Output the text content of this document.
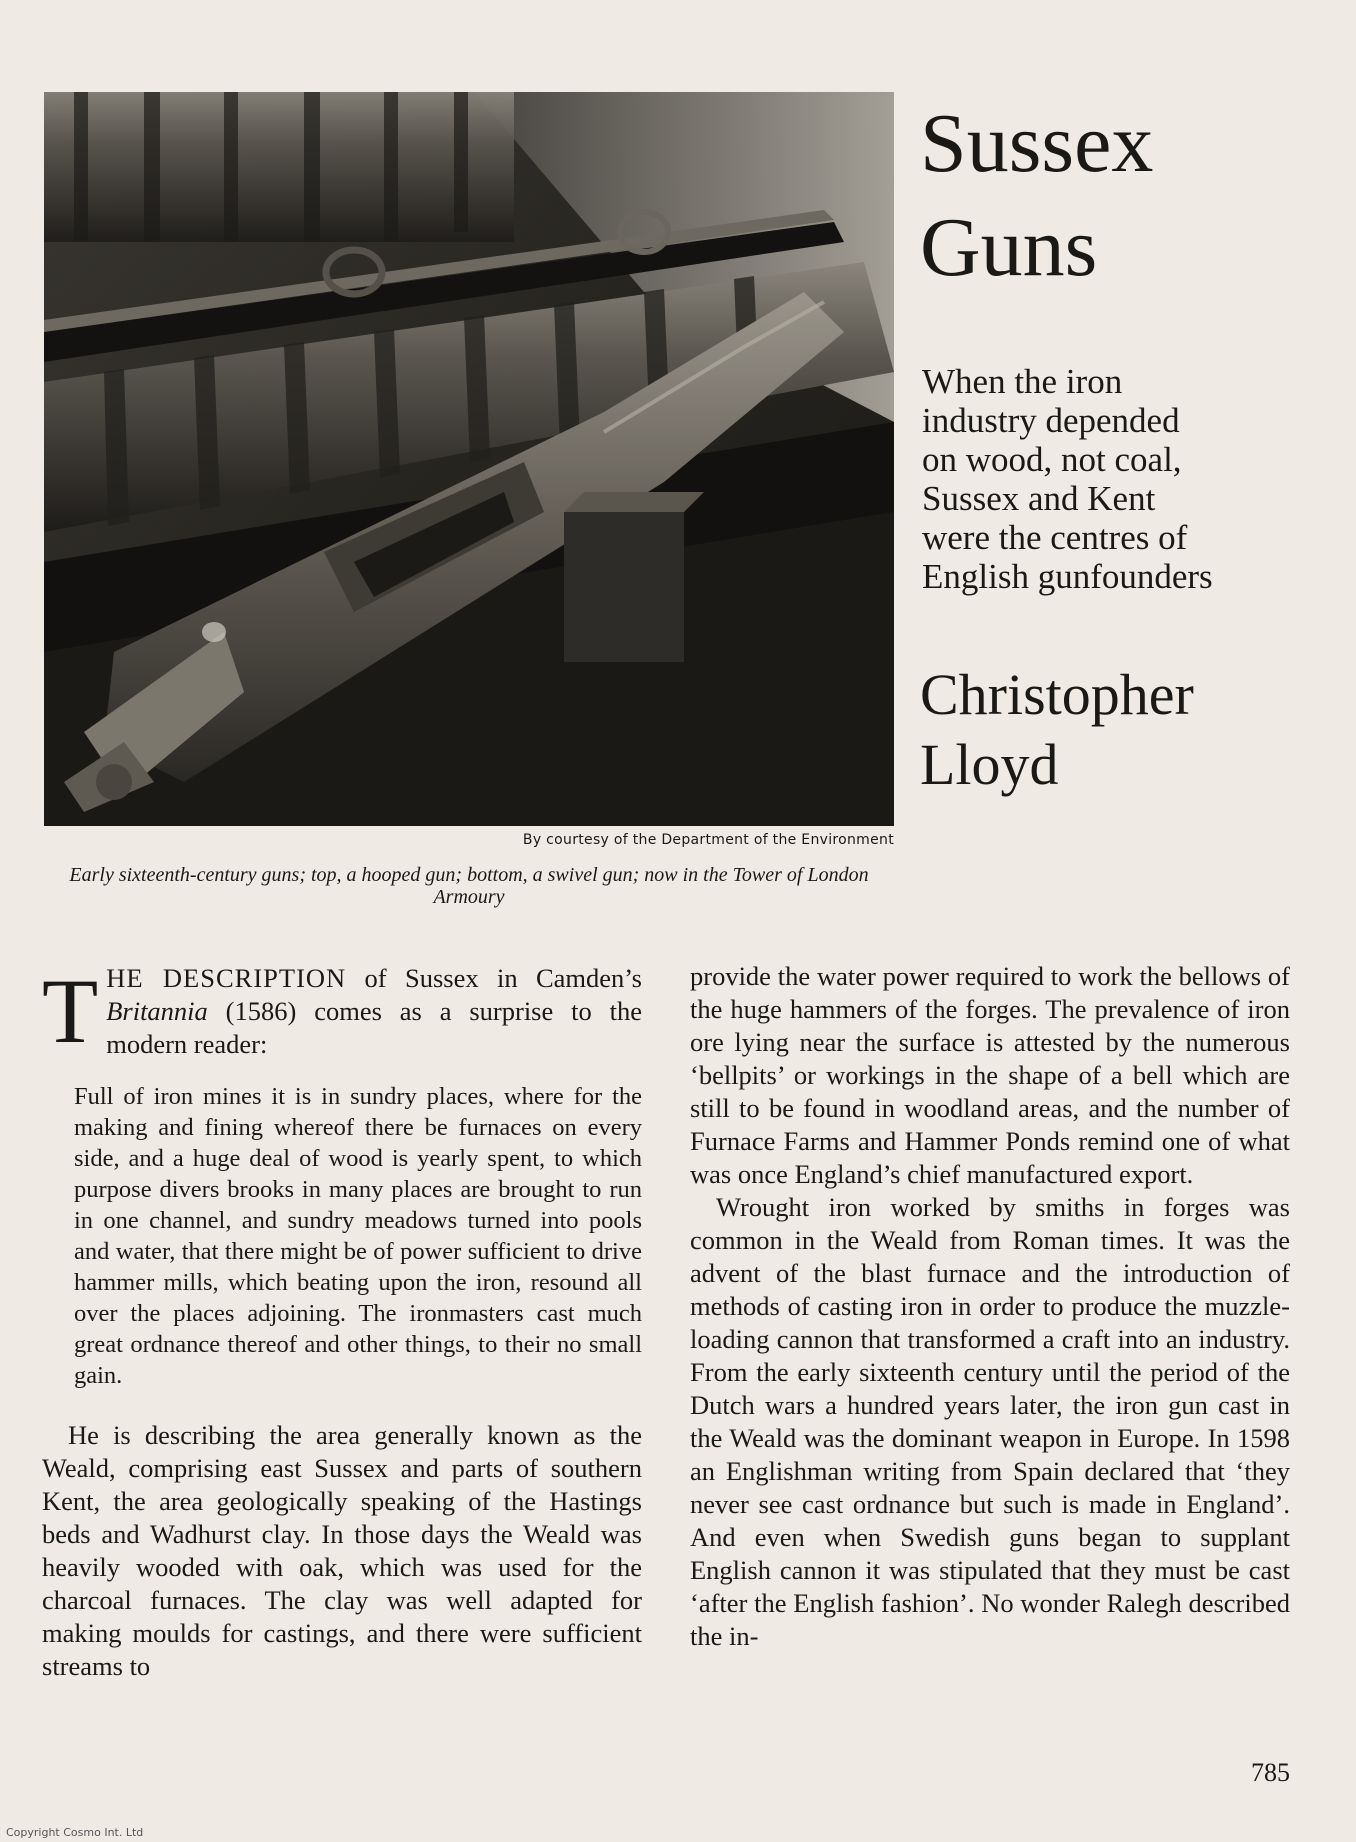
By courtesy of the Department of the Environment
Early sixteenth-century guns; top, a hooped gun; bottom, a swivel gun; now in the Tower of London Armoury
Sussex
Guns
When the iron
industry depended
on wood, not coal,
Sussex and Kent
were the centres of
English gunfounders
Christopher
Lloyd

THE DESCRIPTION of Sussex in Camden’s Britannia (1586) comes as a surprise to the modern reader:

Full of iron mines it is in sundry places, where for the making and fining whereof there be furnaces on every side, and a huge deal of wood is yearly spent, to which purpose divers brooks in many places are brought to run in one channel, and sundry meadows turned into pools and water, that there might be of power sufficient to drive hammer mills, which beating upon the iron, resound all over the places adjoining. The ironmasters cast much great ordnance thereof and other things, to their no small gain.

He is describing the area generally known as the Weald, comprising east Sussex and parts of southern Kent, the area geologically speaking of the Hastings beds and Wadhurst clay. In those days the Weald was heavily wooded with oak, which was used for the charcoal furnaces. The clay was well adapted for making moulds for castings, and there were sufficient streams to

provide the water power required to work the bellows of the huge hammers of the forges. The prevalence of iron ore lying near the surface is attested by the numerous ‘bellpits’ or workings in the shape of a bell which are still to be found in woodland areas, and the number of Furnace Farms and Hammer Ponds remind one of what was once England’s chief manufactured export.

Wrought iron worked by smiths in forges was common in the Weald from Roman times. It was the advent of the blast furnace and the introduction of methods of casting iron in order to produce the muzzle-loading cannon that transformed a craft into an industry. From the early sixteenth century until the period of the Dutch wars a hundred years later, the iron gun cast in the Weald was the dominant weapon in Europe. In 1598 an Englishman writing from Spain declared that ‘they never see cast ordnance but such is made in England’. And even when Swedish guns began to supplant English cannon it was stipulated that they must be cast ‘after the English fashion’. No wonder Ralegh described the in-

785
Copyright Cosmo Int. Ltd
